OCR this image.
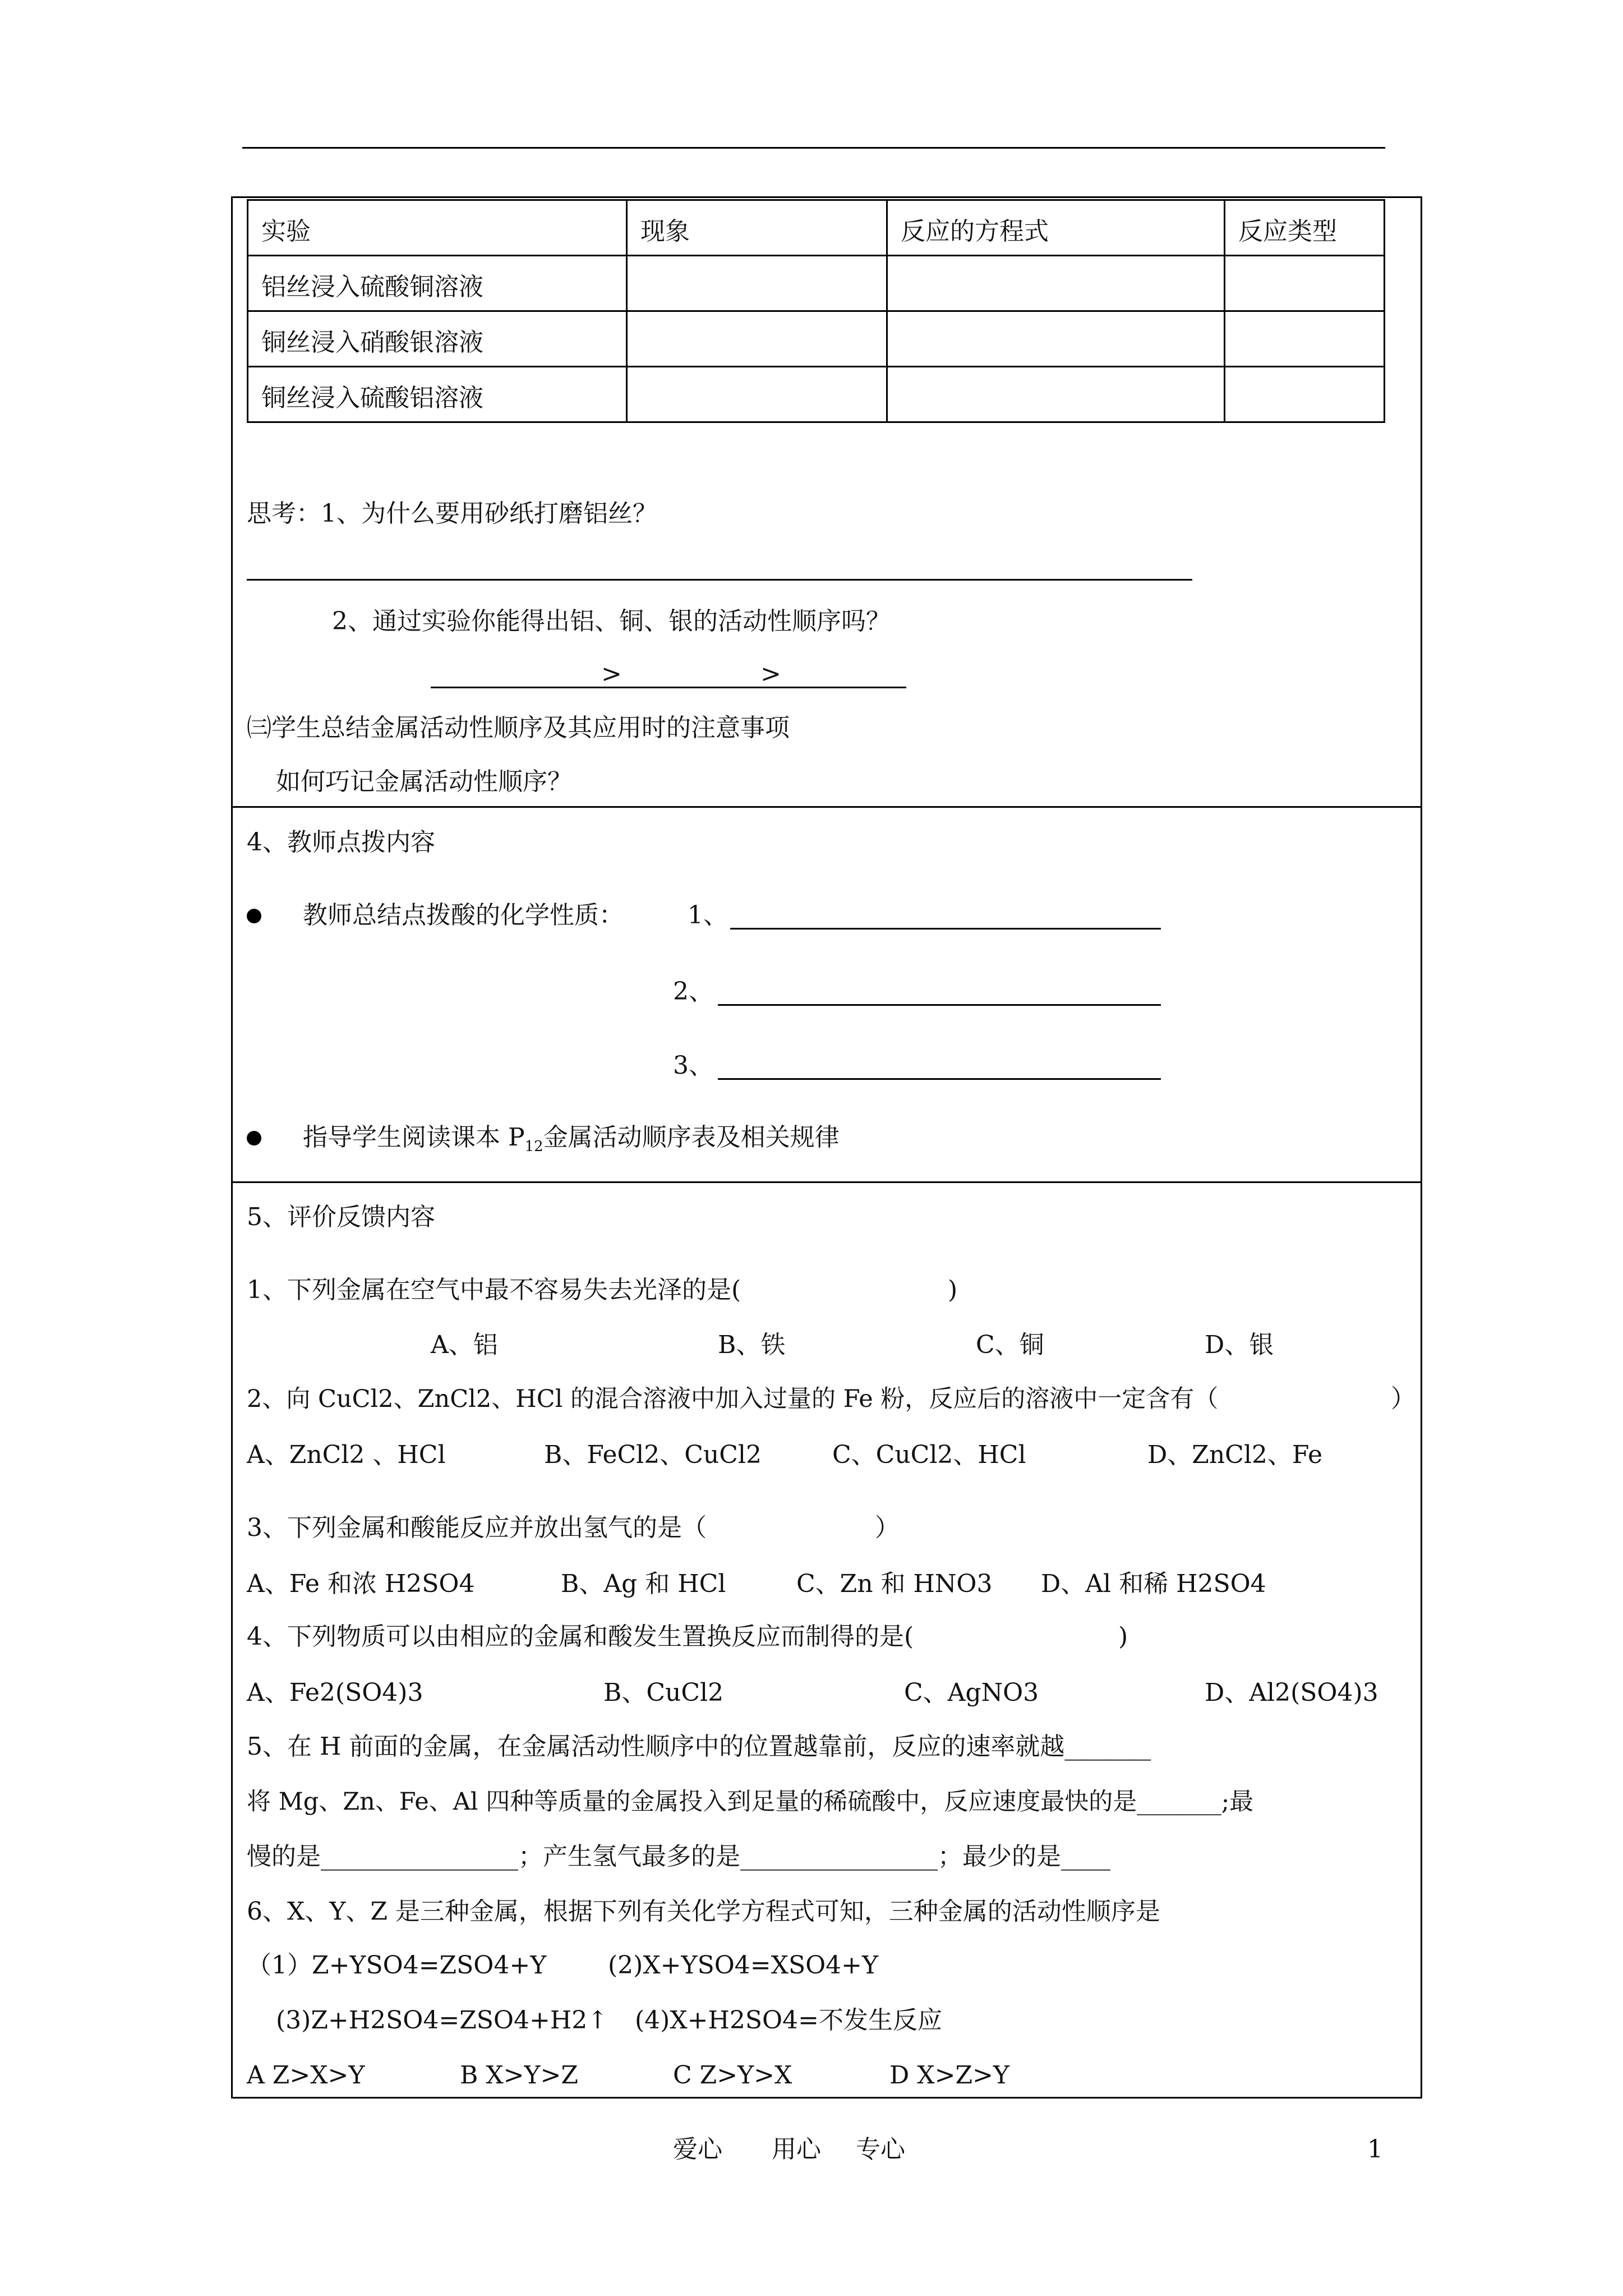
实验	现象	反应的方程式	反应类型
铝丝浸入硫酸铜溶液
铜丝浸入硝酸银溶液
铜丝浸入硫酸铝溶液
思考：1、为什么要用砂纸打磨铝丝？
2、通过实验你能得出铝、铜、银的活动性顺序吗？
>	>
㈢学生总结金属活动性顺序及其应用时的注意事项
如何巧记金属活动性顺序？
4、教师点拨内容
教师总结点拨酸的化学性质：	1、
2、
3、
指导学生阅读课本 $P_{12}$金属活动顺序表及相关规律
5、评价反馈内容
1、下列金属在空气中最不容易失去光泽的是(	)
A、铝	B、铁	C、铜	D、银
2、向 CuCl2、ZnCl2、HCl 的混合溶液中加入过量的 Fe 粉，反应后的溶液中一定含有（	）
A、ZnCl2 、HCl	B、FeCl2、CuCl2	C、CuCl2、HCl	D、ZnCl2、Fe
3、下列金属和酸能反应并放出氢气的是（	）
A、Fe 和浓 H2SO4	B、Ag 和 HCl	C、Zn 和 HNO3 D、Al 和稀 H2SO4
4、下列物质可以由相应的金属和酸发生置换反应而制得的是(	)
A、Fe2(SO4)3	B、CuCl2	C、AgNO3	D、Al2(SO4)3
5、在 H 前面的金属，在金属活动性顺序中的位置越靠前，反应的速率就越_______
将 Mg、Zn、Fe、Al 四种等质量的金属投入到足量的稀硫酸中，反应速度最快的是_______;最
慢的是________________；产生氢气最多的是________________；最少的是____
6、X、Y、Z 是三种金属，根据下列有关化学方程式可知，三种金属的活动性顺序是
（1）Z+YSO4=ZSO4+Y (2)X+YSO4=XSO4+Y
(3)Z+H2SO4=ZSO4+H2↑ (4)X+H2SO4=不发生反应
A Z>X>Y	B X>Y>Z	C Z>Y>X	D X>Z>Y
爱心 用心 专心	1
